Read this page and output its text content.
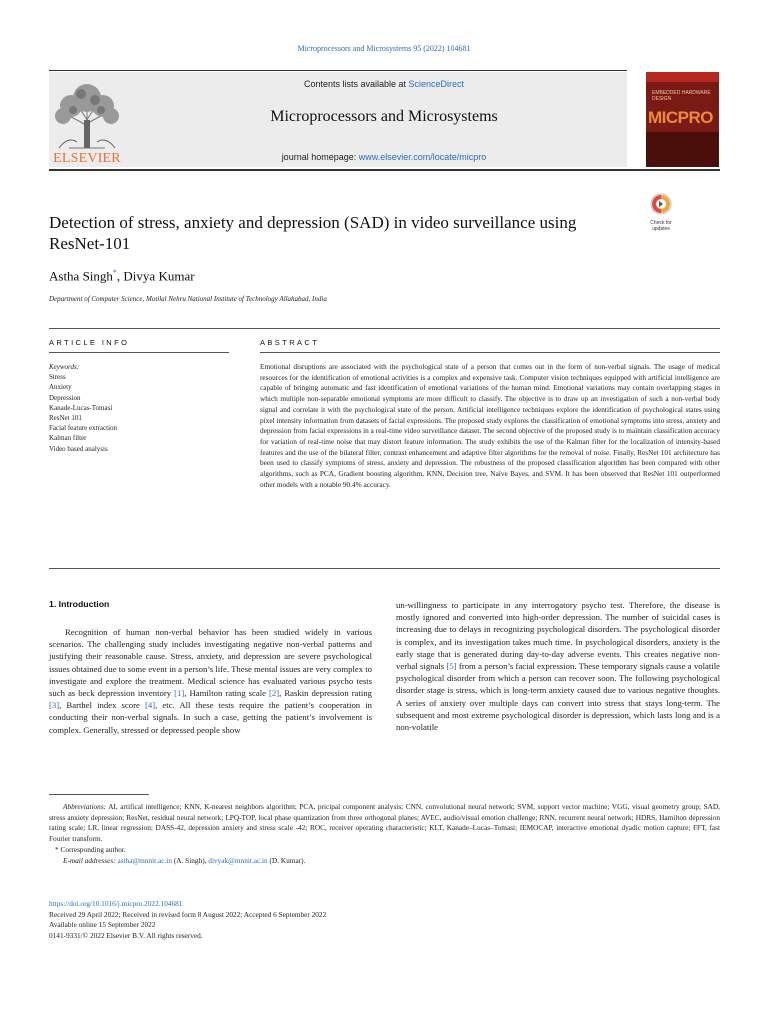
Microprocessors and Microsystems 95 (2022) 104681
ELSEVIER
Contents lists available at ScienceDirect
Microprocessors and Microsystems
journal homepage: www.elsevier.com/locate/micpro
EMBEDDED HARDWARE DESIGN
MICPRO
Detection of stress, anxiety and depression (SAD) in video surveillance using ResNet-101
Check for updates
Astha Singh*, Divya Kumar
Department of Computer Science, Motilal Nehru National Institute of Technology Allahabad, India
ARTICLE INFO	ABSTRACT
Keywords:
Stress
Anxiety
Depression
Kanade-Lucas-Tomasi
ResNet 101
Facial feature extraction
Kalman filter
Video based analysis
Emotional disruptions are associated with the psychological state of a person that comes out in the form of non-verbal signals. The usage of medical resources for the identification of emotional activities is a complex and expensive task. Computer vision techniques equipped with artificial intelligence are capable of bringing automatic and fast identification of emotional variations of the human mind. Emotional variations may contain overlapping stages in which multiple non-separable emotional symptoms are more difficult to classify. The objective is to draw up an investigation of such a non-verbal body signal and correlate it with the psychological state of the person. Artificial intelligence techniques explore the identification of psychological states using pixel intensity information from datasets of facial expressions. The proposed study explores the classification of emotional symptoms into stress, anxiety and depression from facial expressions in a real-time video surveillance dataset. The second objective of the proposed study is to maintain classification accuracy for variation of real-time noise that may distort feature information. The study exhibits the use of the Kalman filter for the localization of intensity-based features and the use of the bilateral filter, contrast enhancement and adaptive filter algorithms for the removal of noise. Finally, ResNet 101 architecture has been used to classify symptoms of stress, anxiety and depression. The robustness of the proposed classification algorithm has been compared with other algorithms, such as PCA, Gradient boosting algorithm, KNN, Decision tree, Naïve Bayes, and SVM. It has been observed that ResNet 101 outperformed other models with a notable 90.4% accuracy.
1. Introduction

Recognition of human non-verbal behavior has been studied widely in various scenarios. The challenging study includes investigating negative non-verbal patterns and justifying their reasonable cause. Stress, anxiety, and depression are severe psychological issues obtained due to some event in a person’s life. These mental issues are very complex to investigate and explore the treatment. Medical science has evaluated various psycho tests such as beck depression inventory [1], Hamilton rating scale [2], Raskin depression rating [3], Barthel index score [4], etc. All these tests require the patient’s cooperation in conducting their non-verbal signals. In such a case, getting the patient’s involvement is complex. Generally, stressed or depressed people show

un-willingness to participate in any interrogatory psycho test. Therefore, the disease is mostly ignored and converted into high-order depression. The number of suicidal cases is increasing due to delays in recognizing psychological disorders. The psychological disorder is complex, and its investigation takes much time. In psychological disorders, anxiety is the early stage that is generated during day-to-day adverse events. This creates negative non-verbal signals [5] from a person’s facial expression. These temporary signals cause a volatile psychological disorder from which a person can recover soon. The following psychological disorder stage is stress, which is long-term anxiety caused due to various negative thoughts. A series of anxiety over multiple days can convert into stress that stays long-term. The subsequent and most extreme psychological disorder is depression, which lasts long and is a non-volatile

Abbreviations: AI, artifical intelligence; KNN, K-nearest neighbors algorithm; PCA, pricipal component analysis; CNN, convolutional neural network; SVM, support vector machine; VGG, visual geometry group; SAD, stress anxiety depression; ResNet, residual neural network; LPQ-TOP, local phase quantization from three orthogonal planes; AVEC, audio/visual emotion challenge; RNN, recurrent neural network; HDRS, Hamilton depression rating scale; LR, linear regression; DASS-42, depression anxiety and stress scale -42; ROC, receiver operating characteristic; KLT, Kanade–Lucas–Tomasi; IEMOCAP, interactive emotional dyadic motion capture; FFT, fast Fourier transform.

* Corresponding author.

E-mail addresses: astha@mnnit.ac.in (A. Singh), divyak@mnnit.ac.in (D. Kumar).

https://doi.org/10.1016/j.micpro.2022.104681
Received 29 April 2022; Received in revised form 8 August 2022; Accepted 6 September 2022
Available online 15 September 2022
0141-9331/© 2022 Elsevier B.V. All rights reserved.
